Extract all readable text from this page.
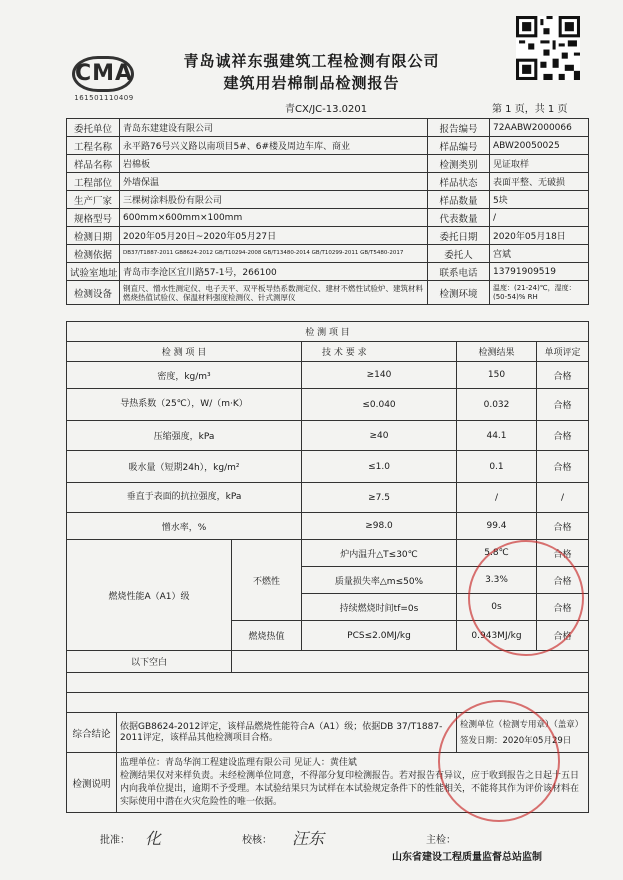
CMA
161501110409
青岛诚祥东强建筑工程检测有限公司
建筑用岩棉制品检测报告
青CX/JC-13.0201	第 1 页，共 1 页
委托单位	青岛东建建设有限公司	报告编号	72AABW2000066
工程名称	永平路76号兴义路以南项目5#、6#楼及周边车库、商业	样品编号	ABW20050025
样品名称	岩棉板	检测类别	见证取样
工程部位	外墙保温	样品状态	表面平整、无破损
生产厂家	三棵树涂料股份有限公司	样品数量	5块
规格型号	600mm×600mm×100mm	代表数量	/
检测日期	2020年05月20日~2020年05月27日	委托日期	2020年05月18日
检测依据	DB37/T1887-2011 GB8624-2012 GB/T10294-2008 GB/T13480-2014 GB/T10299-2011 GB/T5480-2017	委托人	宫斌
试验室地址	青岛市李沧区宜川路57-1号，266100	联系电话	13791909519
检测设备	钢直尺、憎水性测定仪、电子天平、双平板导热系数测定仪、建材不燃性试验炉、建筑材料燃烧热值试验仪、保温材料强度检测仪、针式测厚仪	检测环境	温度：(21-24)℃，湿度：(50-54)% RH
检 测 项 目					
检 测 项 目			技 术 要 求	检测结果	单项评定
密度，kg/m³			≥140	150	合格
导热系数（25℃），W/（m·K）			≤0.040	0.032	合格
压缩强度，kPa			≥40	44.1	合格
吸水量（短期24h），kg/m²			≤1.0	0.1	合格
垂直于表面的抗拉强度，kPa			≥7.5	/	/
憎水率，%			≥98.0	99.4	合格
燃烧性能A（A1）级		不燃性	炉内温升△T≤30℃	5.8℃	合格
			质量损失率△m≤50%	3.3%	合格
			持续燃烧时间tf=0s	0s	合格
		燃烧热值	PCS≤2.0MJ/kg	0.943MJ/kg	合格
以下空白					

综合结论	依据GB8624-2012评定，该样品燃烧性能符合A（A1）级；依据DB 37/T1887-2011评定，该样品其他检测项目合格。			检测单位（检测专用章）（盖章）
签发日期：2020年05月29日	

检测说明	监理单位：青岛华润工程建设监理有限公司 见证人：黄佳斌
检测结果仅对来样负责。未经检测单位同意，不得部分复印检测报告。若对报告有异议，应于收到报告之日起十五日内向我单位提出，逾期不予受理。本试验结果只为试样在本试验规定条件下的性能相关，不能将其作为评价该材料在实际使用中潜在火灾危险性的唯一依据。				
批准： 化	校核： 汪东	主检：
山东省建设工程质量监督总站监制
